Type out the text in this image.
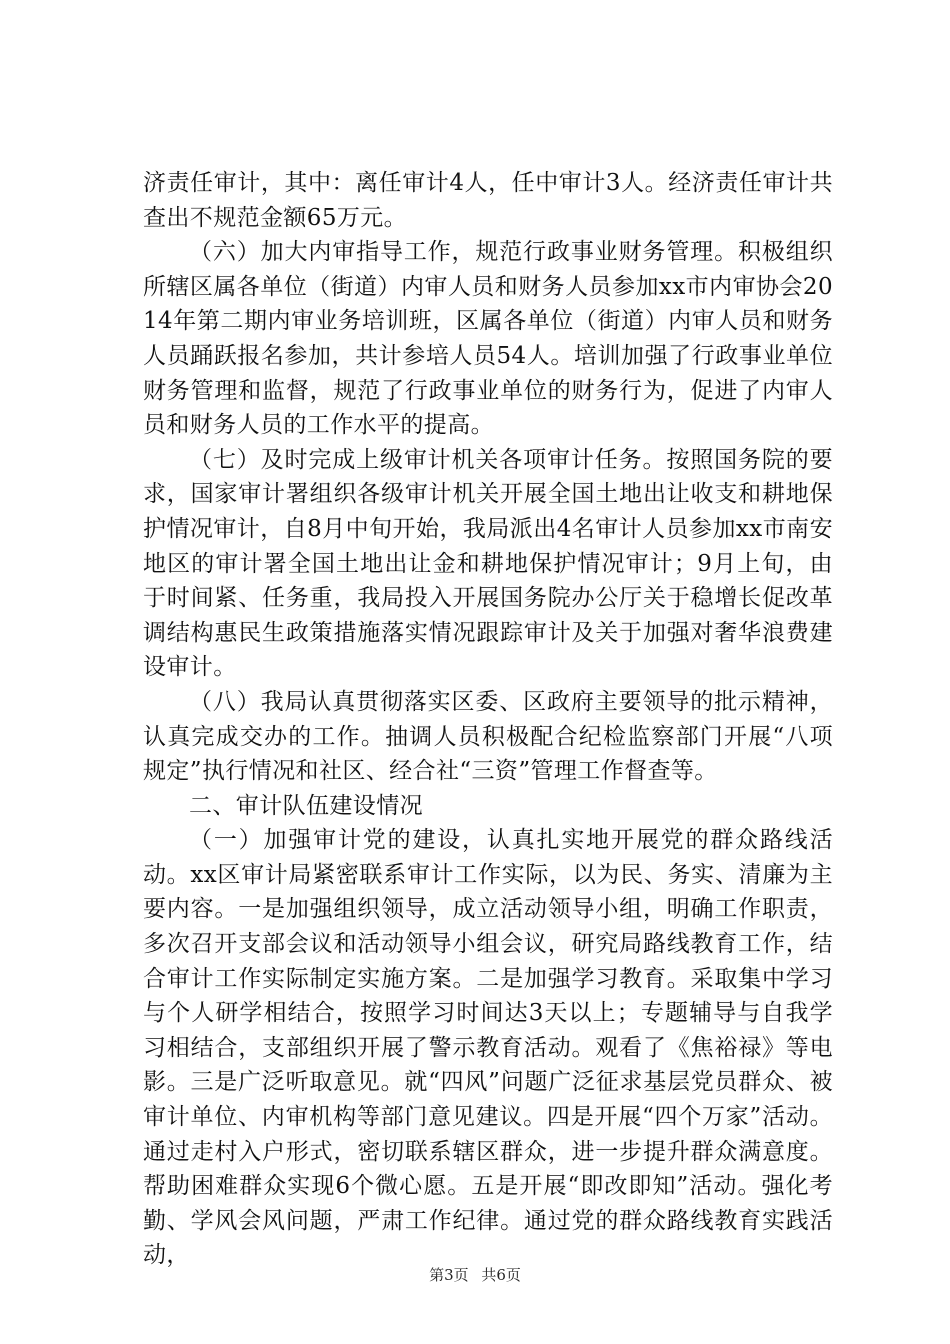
济责任审计，其中：离任审计4人，任中审计3人。经济责任审计共查出不规范金额65万元。

（六）加大内审指导工作，规范行政事业财务管理。积极组织所辖区属各单位（街道）内审人员和财务人员参加xx市内审协会2014年第二期内审业务培训班，区属各单位（街道）内审人员和财务人员踊跃报名参加，共计参培人员54人。培训加强了行政事业单位财务管理和监督，规范了行政事业单位的财务行为，促进了内审人员和财务人员的工作水平的提高。

（七）及时完成上级审计机关各项审计任务。按照国务院的要求，国家审计署组织各级审计机关开展全国土地出让收支和耕地保护情况审计，自8月中旬开始，我局派出4名审计人员参加xx市南安地区的审计署全国土地出让金和耕地保护情况审计；9月上旬，由于时间紧、任务重，我局投入开展国务院办公厅关于稳增长促改革调结构惠民生政策措施落实情况跟踪审计及关于加强对奢华浪费建设审计。

（八）我局认真贯彻落实区委、区政府主要领导的批示精神，认真完成交办的工作。抽调人员积极配合纪检监察部门开展“八项规定”执行情况和社区、经合社“三资”管理工作督查等。

二、审计队伍建设情况

（一）加强审计党的建设，认真扎实地开展党的群众路线活动。xx区审计局紧密联系审计工作实际，以为民、务实、清廉为主要内容。一是加强组织领导，成立活动领导小组，明确工作职责，多次召开支部会议和活动领导小组会议，研究局路线教育工作，结合审计工作实际制定实施方案。二是加强学习教育。采取集中学习与个人研学相结合，按照学习时间达3天以上；专题辅导与自我学习相结合，支部组织开展了警示教育活动。观看了《焦裕禄》等电影。三是广泛听取意见。就“四风”问题广泛征求基层党员群众、被审计单位、内审机构等部门意见建议。四是开展“四个万家”活动。通过走村入户形式，密切联系辖区群众，进一步提升群众满意度。帮助困难群众实现6个微心愿。五是开展“即改即知”活动。强化考勤、学风会风问题，严肃工作纪律。通过党的群众路线教育实践活动，

第3页 共6页
